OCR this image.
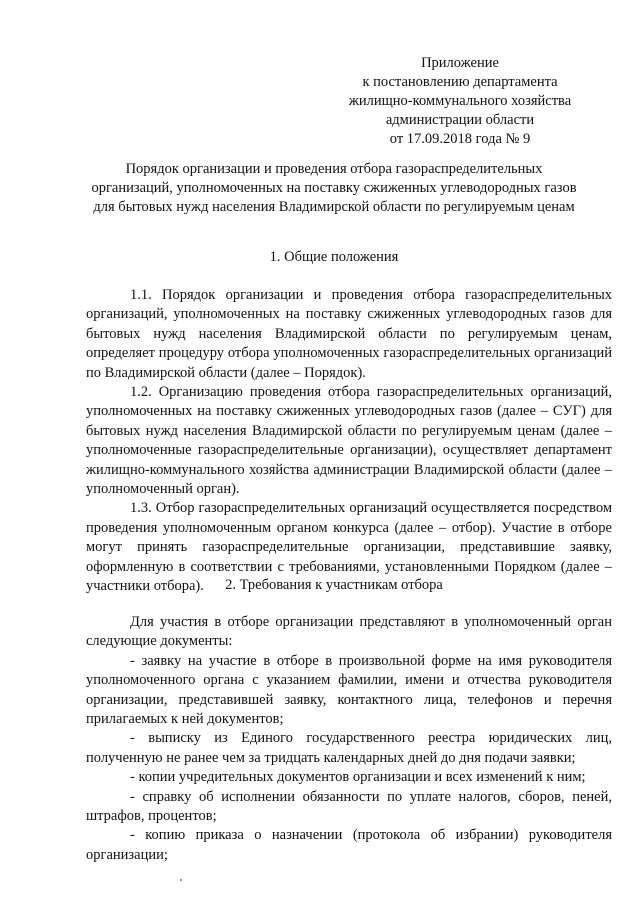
Приложение
к постановлению департамента
жилищно-коммунального хозяйства
администрации области
от 17.09.2018 года № 9
Порядок организации и проведения отбора газораспределительных организаций, уполномоченных на поставку сжиженных углеводородных газов для бытовых нужд населения Владимирской области по регулируемым ценам
1. Общие положения

1.1. Порядок организации и проведения отбора газораспределительных организаций, уполномоченных на поставку сжиженных углеводородных газов для бытовых нужд населения Владимирской области по регулируемым ценам, определяет процедуру отбора уполномоченных газораспределительных организаций по Владимирской области (далее – Порядок).

1.2. Организацию проведения отбора газораспределительных организаций, уполномоченных на поставку сжиженных углеводородных газов (далее – СУГ) для бытовых нужд населения Владимирской области по регулируемым ценам (далее – уполномоченные газораспределительные организации), осуществляет департамент жилищно-коммунального хозяйства администрации Владимирской области (далее – уполномоченный орган).

1.3. Отбор газораспределительных организаций осуществляется посредством проведения уполномоченным органом конкурса (далее – отбор). Участие в отборе могут принять газораспределительные организации, представившие заявку, оформленную в соответствии с требованиями, установленными Порядком (далее – участники отбора).	2. Требования к участникам отбора

Для участия в отборе организации представляют в уполномоченный орган следующие документы:

- заявку на участие в отборе в произвольной форме на имя руководителя уполномоченного органа с указанием фамилии, имени и отчества руководителя организации, представившей заявку, контактного лица, телефонов и перечня прилагаемых к ней документов;

- выписку из Единого государственного реестра юридических лиц, полученную не ранее чем за тридцать календарных дней до дня подачи заявки;

- копии учредительных документов организации и всех изменений к ним;

- справку об исполнении обязанности по уплате налогов, сборов, пеней, штрафов, процентов;

- копию приказа о назначении (протокола об избрании) руководителя организации;
